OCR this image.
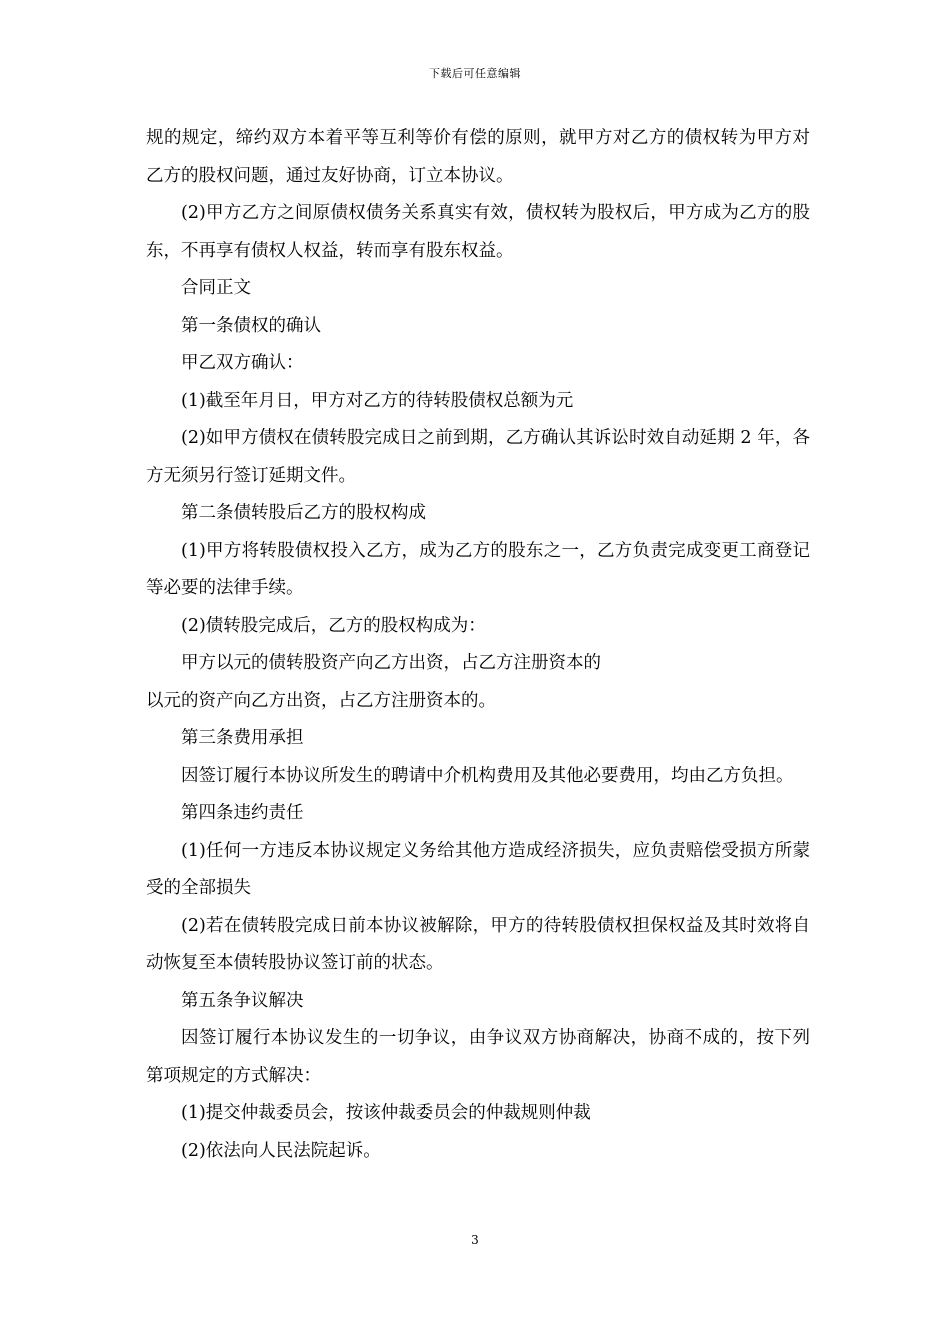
下载后可任意编辑

规的规定，缔约双方本着平等互利等价有偿的原则，就甲方对乙方的债权转为甲方对乙方的股权问题，通过友好协商，订立本协议。

(2)甲方乙方之间原债权债务关系真实有效，债权转为股权后，甲方成为乙方的股东，不再享有债权人权益，转而享有股东权益。

合同正文

第一条债权的确认

甲乙双方确认：

(1)截至年月日，甲方对乙方的待转股债权总额为元

(2)如甲方债权在债转股完成日之前到期，乙方确认其诉讼时效自动延期 2 年，各方无须另行签订延期文件。

第二条债转股后乙方的股权构成

(1)甲方将转股债权投入乙方，成为乙方的股东之一，乙方负责完成变更工商登记等必要的法律手续。

(2)债转股完成后，乙方的股权构成为：

甲方以元的债转股资产向乙方出资，占乙方注册资本的

以元的资产向乙方出资，占乙方注册资本的。

第三条费用承担

因签订履行本协议所发生的聘请中介机构费用及其他必要费用，均由乙方负担。

第四条违约责任

(1)任何一方违反本协议规定义务给其他方造成经济损失，应负责赔偿受损方所蒙受的全部损失

(2)若在债转股完成日前本协议被解除，甲方的待转股债权担保权益及其时效将自动恢复至本债转股协议签订前的状态。

第五条争议解决

因签订履行本协议发生的一切争议，由争议双方协商解决，协商不成的，按下列第项规定的方式解决：

(1)提交仲裁委员会，按该仲裁委员会的仲裁规则仲裁

(2)依法向人民法院起诉。

3
